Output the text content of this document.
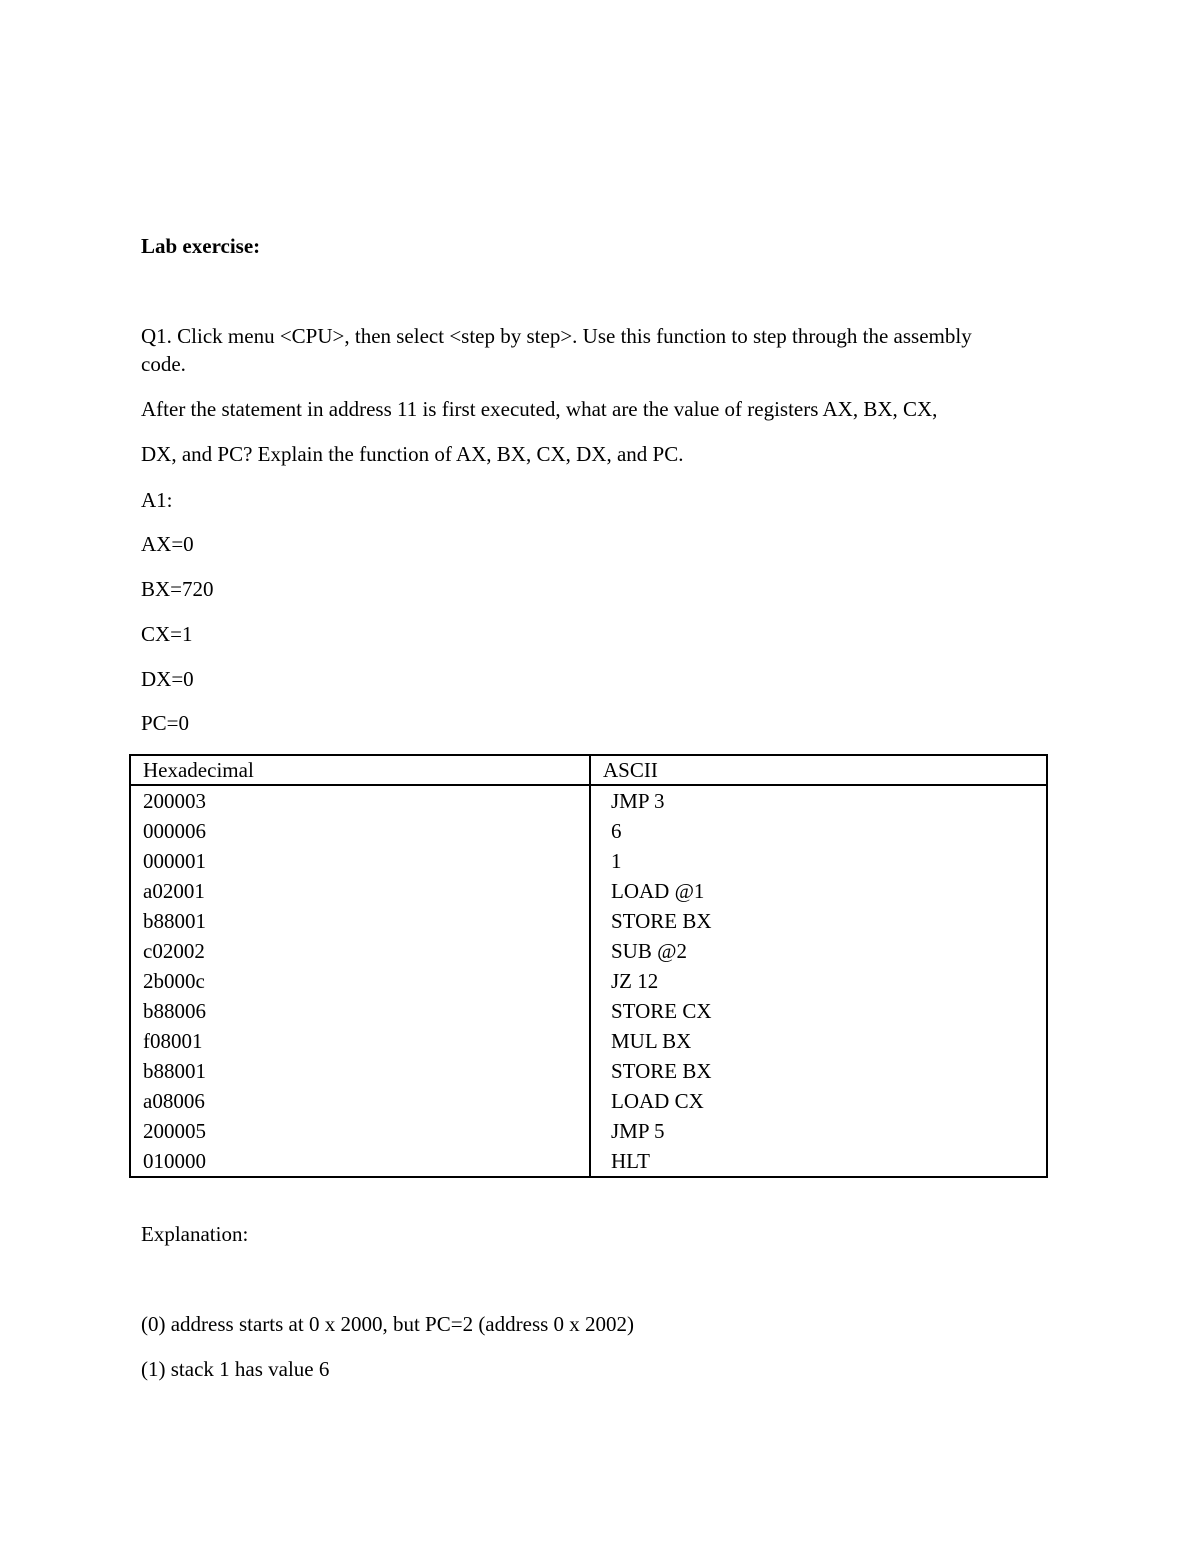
Lab exercise:
Q1. Click menu <CPU>, then select <step by step>. Use this function to step through the assembly code.
After the statement in address 11 is first executed, what are the value of registers AX, BX, CX,
DX, and PC? Explain the function of AX, BX, CX, DX, and PC.
A1:
AX=0
BX=720
CX=1
DX=0
PC=0
Hexadecimal	ASCII
200003	JMP 3
000006	6
000001	1
a02001	LOAD @1
b88001	STORE BX
c02002	SUB @2
2b000c	JZ 12
b88006	STORE CX
f08001	MUL BX
b88001	STORE BX
a08006	LOAD CX
200005	JMP 5
010000	HLT
Explanation:
(0) address starts at 0 x 2000, but PC=2 (address 0 x 2002)
(1) stack 1 has value 6
